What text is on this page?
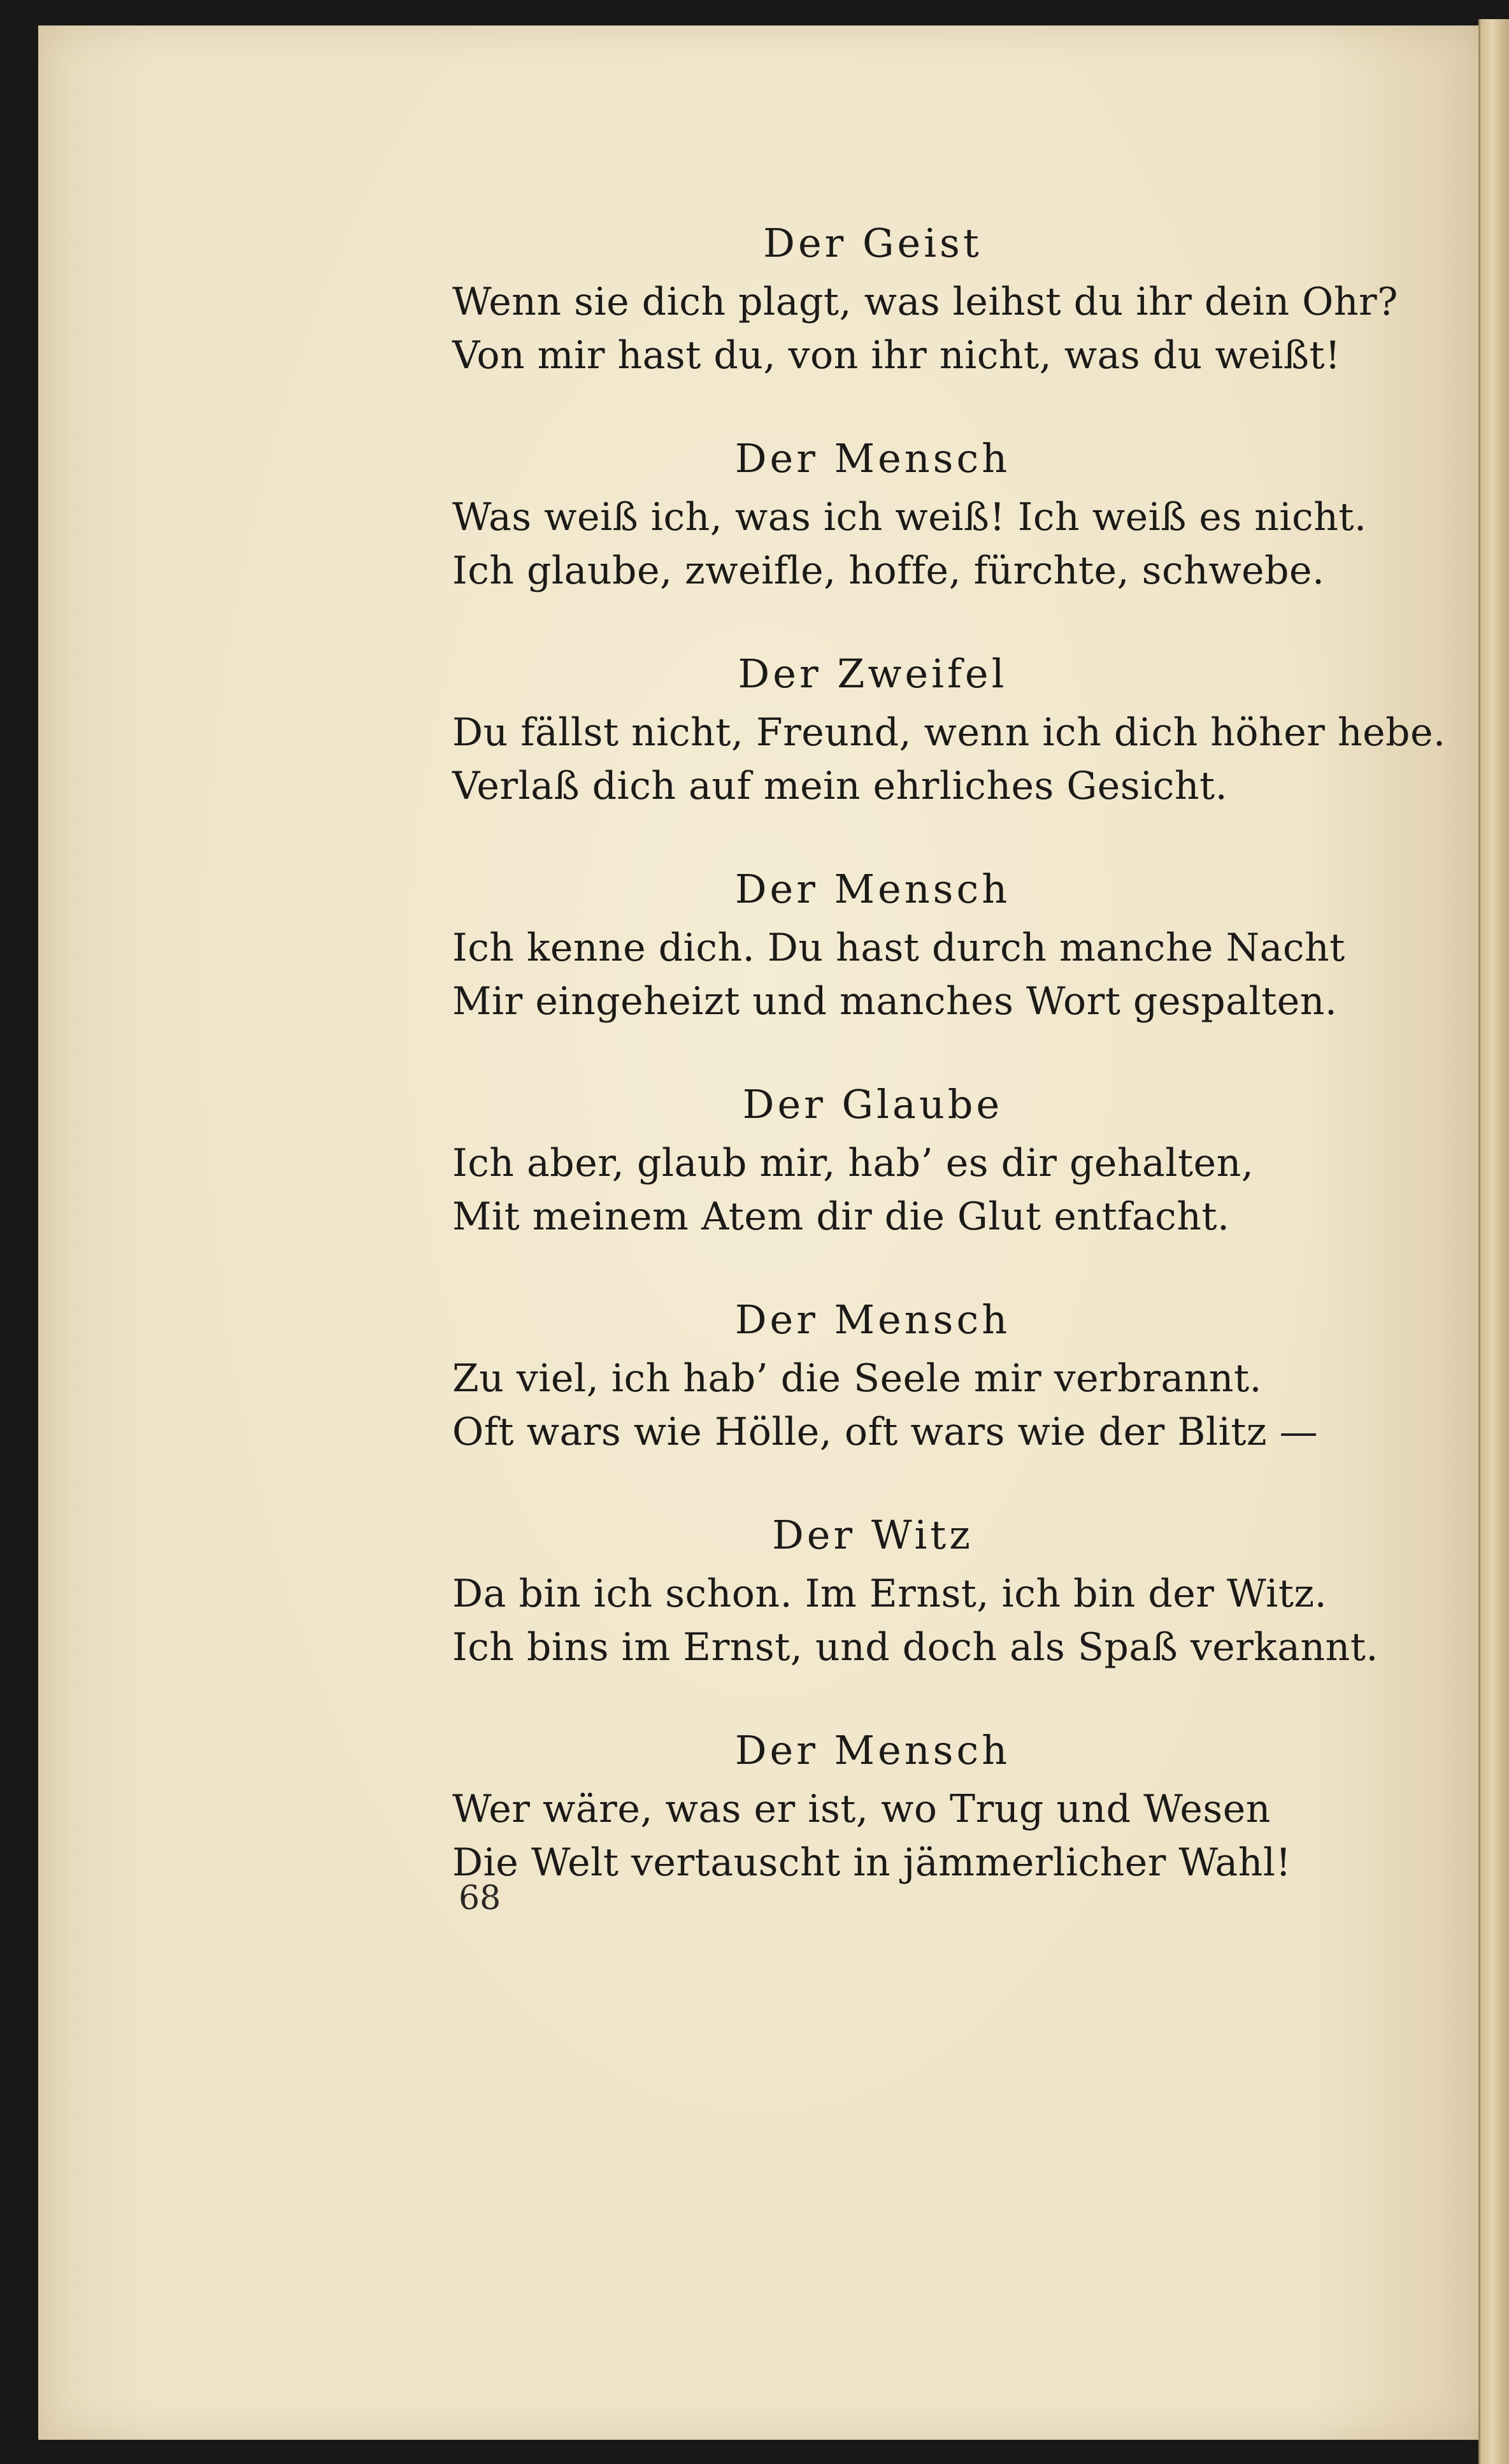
Der Geist
Wenn sie dich plagt, was leihst du ihr dein Ohr?
Von mir hast du, von ihr nicht, was du weißt!
Der Mensch
Was weiß ich, was ich weiß! Ich weiß es nicht.
Ich glaube, zweifle, hoffe, fürchte, schwebe.
Der Zweifel
Du fällst nicht, Freund, wenn ich dich höher hebe.
Verlaß dich auf mein ehrliches Gesicht.
Der Mensch
Ich kenne dich. Du hast durch manche Nacht
Mir eingeheizt und manches Wort gespalten.
Der Glaube
Ich aber, glaub mir, hab’ es dir gehalten,
Mit meinem Atem dir die Glut entfacht.
Der Mensch
Zu viel, ich hab’ die Seele mir verbrannt.
Oft wars wie Hölle, oft wars wie der Blitz —
Der Witz
Da bin ich schon. Im Ernst, ich bin der Witz.
Ich bins im Ernst, und doch als Spaß verkannt.
Der Mensch
Wer wäre, was er ist, wo Trug und Wesen
Die Welt vertauscht in jämmerlicher Wahl!
68
